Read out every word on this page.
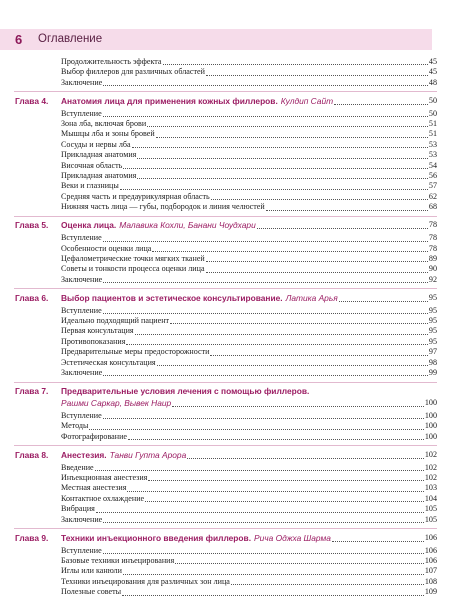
6 Оглавление
Продолжительность эффекта	45
Выбор филлеров для различных областей	45
Заключение	48
Глава 4. Анатомия лица для применения кожных филлеров. Кулдип Сайт	50
Вступление	50
Зона лба, включая брови	51
Мышцы лба и зоны бровей	51
Сосуды и нервы лба	53
Прикладная анатомия	53
Височная область	54
Прикладная анатомия	56
Веки и глазницы	57
Средняя часть и предаурикулярная область	62
Нижняя часть лица — губы, подбородок и линия челюстей	68
Глава 5. Оценка лица. Малавика Кохли, Банани Чоудхари	78
Вступление	78
Особенности оценки лица	78
Цефалометрические точки мягких тканей	89
Советы и тонкости процесса оценки лица	90
Заключение	92
Глава 6. Выбор пациентов и эстетическое консультирование. Латика Арья	95
Вступление	95
Идеально подходящий пациент	95
Первая консультация	95
Противопоказания	95
Предварительные меры предосторожности	97
Эстетическая консультация	98
Заключение	99
Глава 7. Предварительные условия лечения с помощью филлеров.
Рашми Саркар, Вывек Наир	100
Вступление	100
Методы	100
Фотографирование	100
Глава 8. Анестезия. Танви Гупта Арора	102
Введение	102
Инъекционная анестезия	102
Местная анестезия	103
Контактное охлаждение	104
Вибрация	105
Заключение	105
Глава 9. Техники инъекционного введения филлеров. Рича Оджха Шарма	106
Вступление	106
Базовые техники инъецирования	106
Иглы или канюли	107
Техники инъецирования для различных зон лица	108
Полезные советы	109
